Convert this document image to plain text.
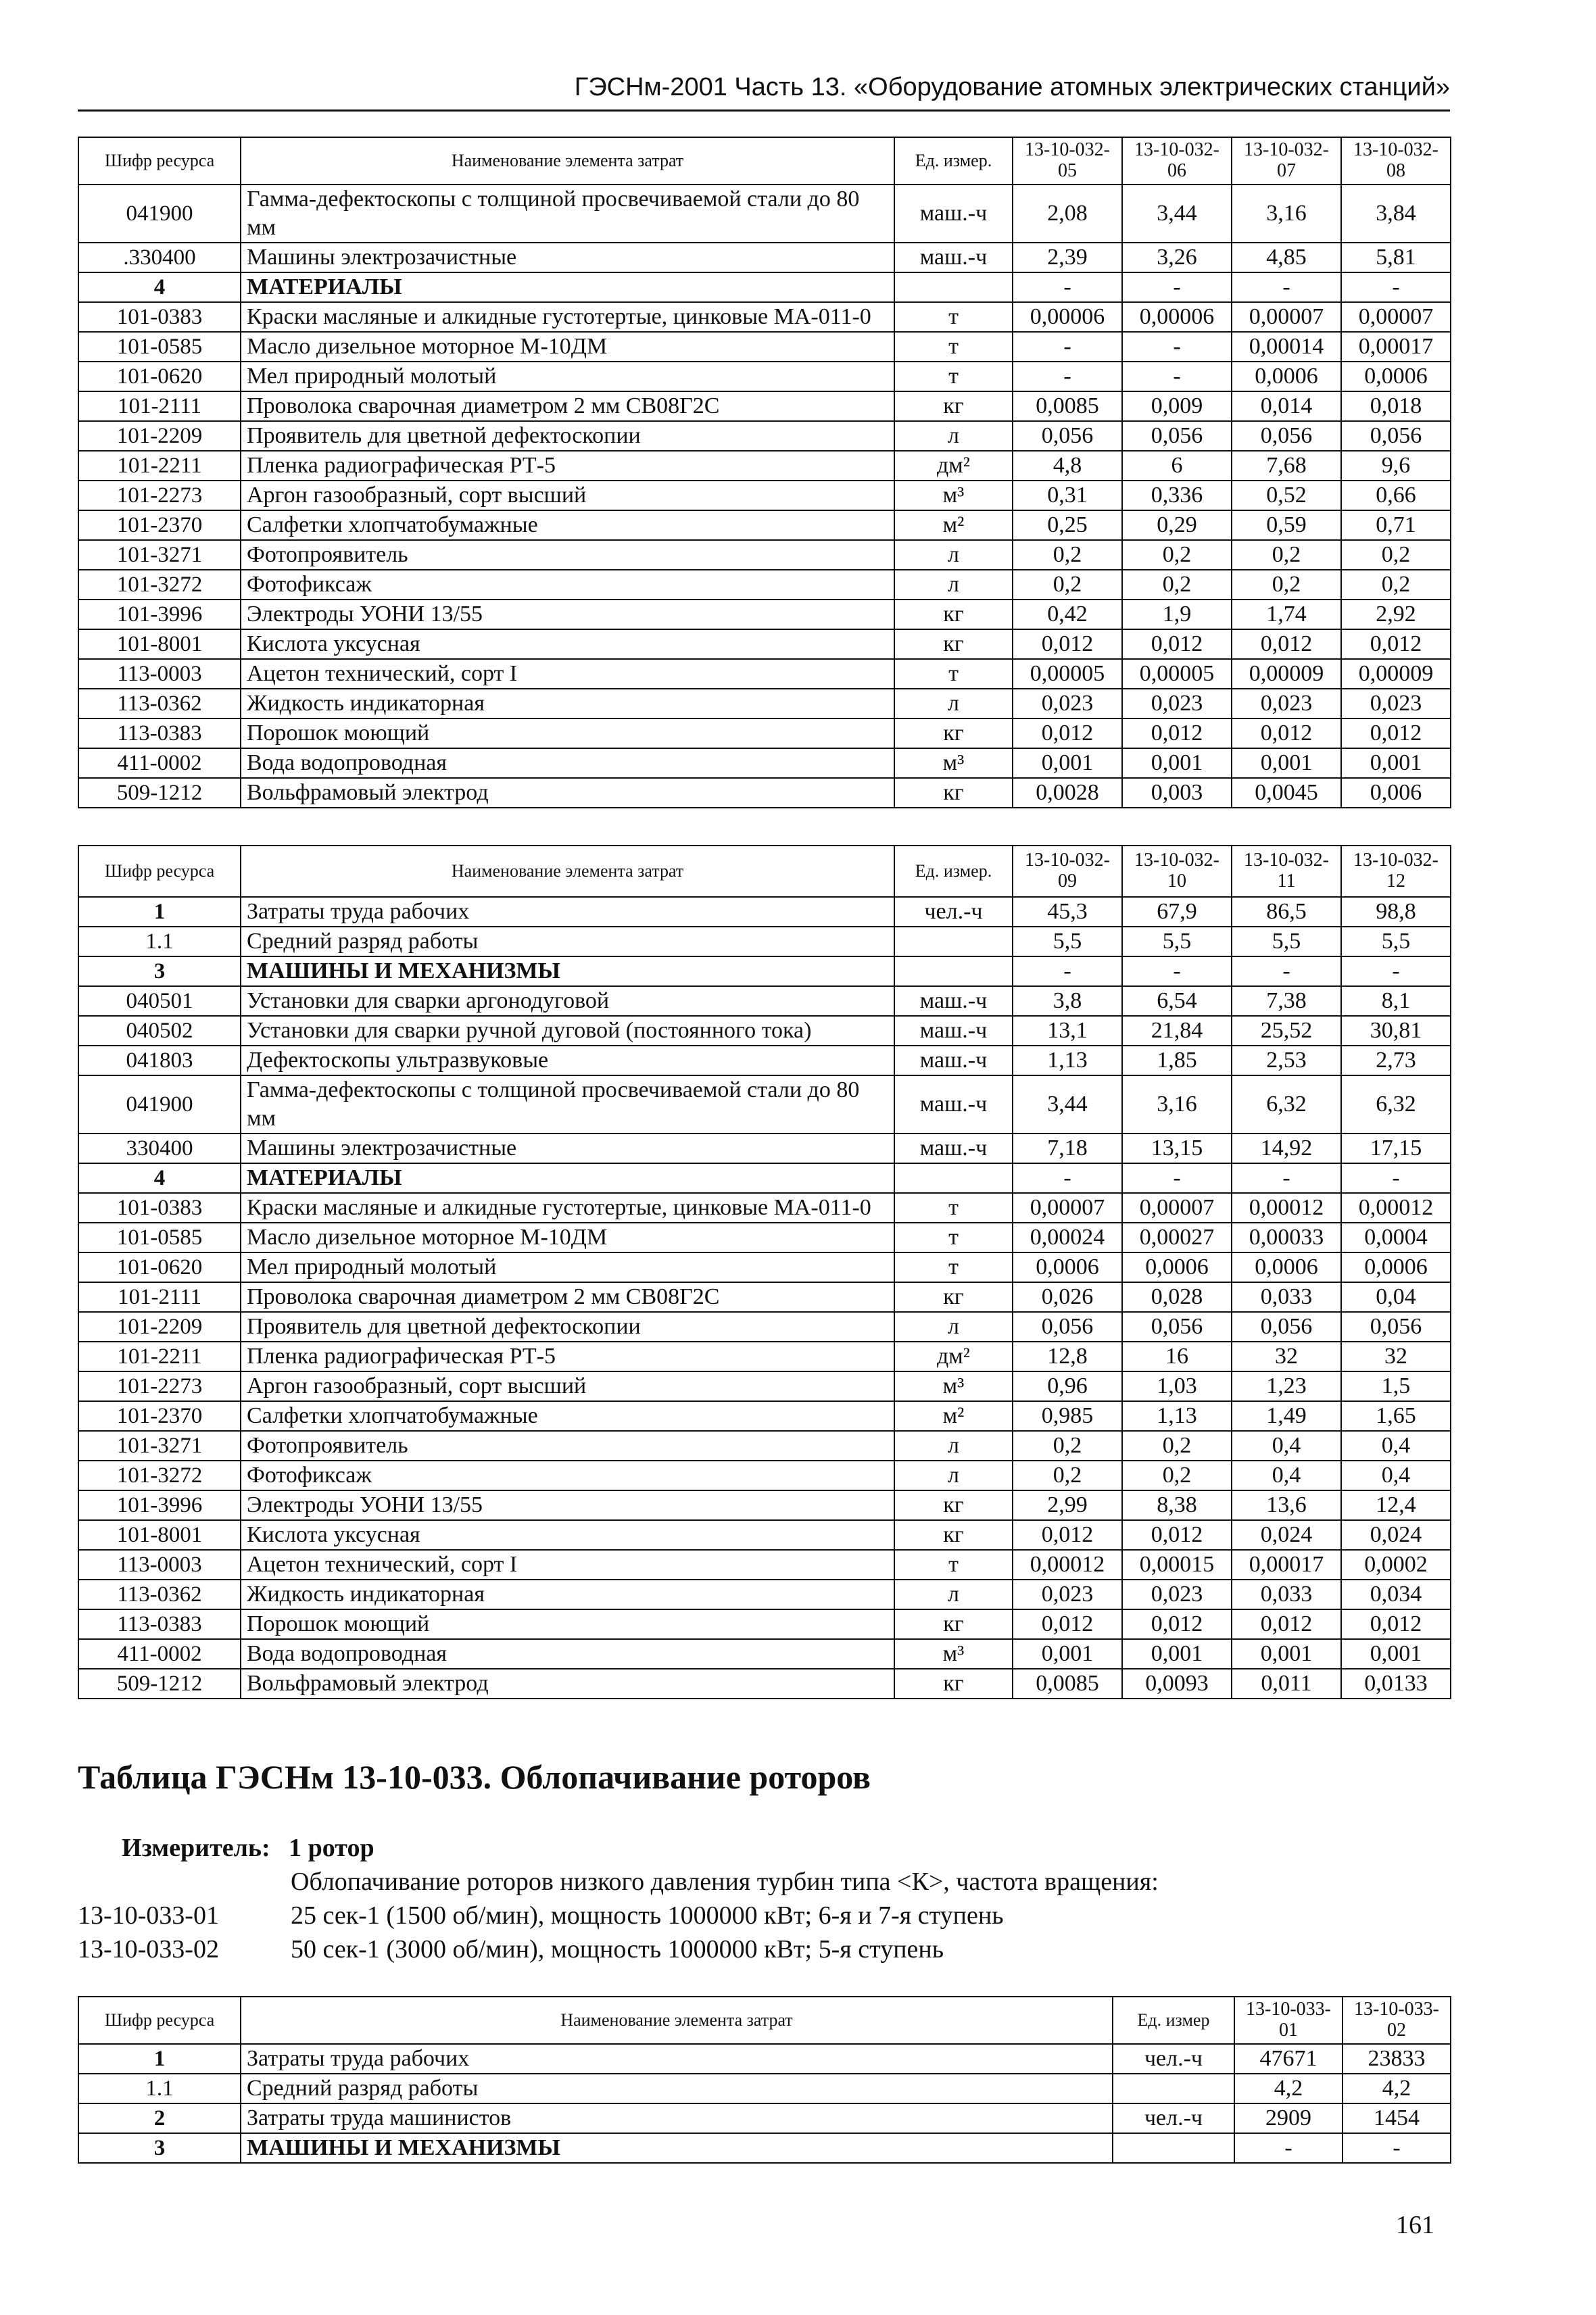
ГЭСНм-2001 Часть 13. «Оборудование атомных электрических станций»
Шифр ресурса	Наименование элемента затрат	Ед. измер.	13-10-032-05	13-10-032-06	13-10-032-07	13-10-032-08
041900	Гамма-дефектоскопы с толщиной просвечиваемой стали до 80 мм	маш.-ч	2,08	3,44	3,16	3,84
.330400	Машины электрозачистные	маш.-ч	2,39	3,26	4,85	5,81
4	МАТЕРИАЛЫ		-	-	-	-
101-0383	Краски масляные и алкидные густотертые, цинковые МА-011-0	т	0,00006	0,00006	0,00007	0,00007
101-0585	Масло дизельное моторное М-10ДМ	т	-	-	0,00014	0,00017
101-0620	Мел природный молотый	т	-	-	0,0006	0,0006
101-2111	Проволока сварочная диаметром 2 мм СВ08Г2С	кг	0,0085	0,009	0,014	0,018
101-2209	Проявитель для цветной дефектоскопии	л	0,056	0,056	0,056	0,056
101-2211	Пленка радиографическая РТ-5	дм²	4,8	6	7,68	9,6
101-2273	Аргон газообразный, сорт высший	м³	0,31	0,336	0,52	0,66
101-2370	Салфетки хлопчатобумажные	м²	0,25	0,29	0,59	0,71
101-3271	Фотопроявитель	л	0,2	0,2	0,2	0,2
101-3272	Фотофиксаж	л	0,2	0,2	0,2	0,2
101-3996	Электроды УОНИ 13/55	кг	0,42	1,9	1,74	2,92
101-8001	Кислота уксусная	кг	0,012	0,012	0,012	0,012
113-0003	Ацетон технический, сорт I	т	0,00005	0,00005	0,00009	0,00009
113-0362	Жидкость индикаторная	л	0,023	0,023	0,023	0,023
113-0383	Порошок моющий	кг	0,012	0,012	0,012	0,012
411-0002	Вода водопроводная	м³	0,001	0,001	0,001	0,001
509-1212	Вольфрамовый электрод	кг	0,0028	0,003	0,0045	0,006
Шифр ресурса	Наименование элемента затрат	Ед. измер.	13-10-032-09	13-10-032-10	13-10-032-11	13-10-032-12
1	Затраты труда рабочих	чел.-ч	45,3	67,9	86,5	98,8
1.1	Средний разряд работы		5,5	5,5	5,5	5,5
3	МАШИНЫ И МЕХАНИЗМЫ		-	-	-	-
040501	Установки для сварки аргонодуговой	маш.-ч	3,8	6,54	7,38	8,1
040502	Установки для сварки ручной дуговой (постоянного тока)	маш.-ч	13,1	21,84	25,52	30,81
041803	Дефектоскопы ультразвуковые	маш.-ч	1,13	1,85	2,53	2,73
041900	Гамма-дефектоскопы с толщиной просвечиваемой стали до 80 мм	маш.-ч	3,44	3,16	6,32	6,32
330400	Машины электрозачистные	маш.-ч	7,18	13,15	14,92	17,15
4	МАТЕРИАЛЫ		-	-	-	-
101-0383	Краски масляные и алкидные густотертые, цинковые МА-011-0	т	0,00007	0,00007	0,00012	0,00012
101-0585	Масло дизельное моторное М-10ДМ	т	0,00024	0,00027	0,00033	0,0004
101-0620	Мел природный молотый	т	0,0006	0,0006	0,0006	0,0006
101-2111	Проволока сварочная диаметром 2 мм СВ08Г2С	кг	0,026	0,028	0,033	0,04
101-2209	Проявитель для цветной дефектоскопии	л	0,056	0,056	0,056	0,056
101-2211	Пленка радиографическая РТ-5	дм²	12,8	16	32	32
101-2273	Аргон газообразный, сорт высший	м³	0,96	1,03	1,23	1,5
101-2370	Салфетки хлопчатобумажные	м²	0,985	1,13	1,49	1,65
101-3271	Фотопроявитель	л	0,2	0,2	0,4	0,4
101-3272	Фотофиксаж	л	0,2	0,2	0,4	0,4
101-3996	Электроды УОНИ 13/55	кг	2,99	8,38	13,6	12,4
101-8001	Кислота уксусная	кг	0,012	0,012	0,024	0,024
113-0003	Ацетон технический, сорт I	т	0,00012	0,00015	0,00017	0,0002
113-0362	Жидкость индикаторная	л	0,023	0,023	0,033	0,034
113-0383	Порошок моющий	кг	0,012	0,012	0,012	0,012
411-0002	Вода водопроводная	м³	0,001	0,001	0,001	0,001
509-1212	Вольфрамовый электрод	кг	0,0085	0,0093	0,011	0,0133
Таблица ГЭСНм 13-10-033. Облопачивание роторов
Измеритель: 1 ротор
Облопачивание роторов низкого давления турбин типа <К>, частота вращения:
13-10-033-01	25 сек-1 (1500 об/мин), мощность 1000000 кВт; 6-я и 7-я ступень
13-10-033-02	50 сек-1 (3000 об/мин), мощность 1000000 кВт; 5-я ступень
Шифр ресурса	Наименование элемента затрат	Ед. измер	13-10-033-01	13-10-033-02
1	Затраты труда рабочих	чел.-ч	47671	23833
1.1	Средний разряд работы		4,2	4,2
2	Затраты труда машинистов	чел.-ч	2909	1454
3	МАШИНЫ И МЕХАНИЗМЫ		-	-
161
